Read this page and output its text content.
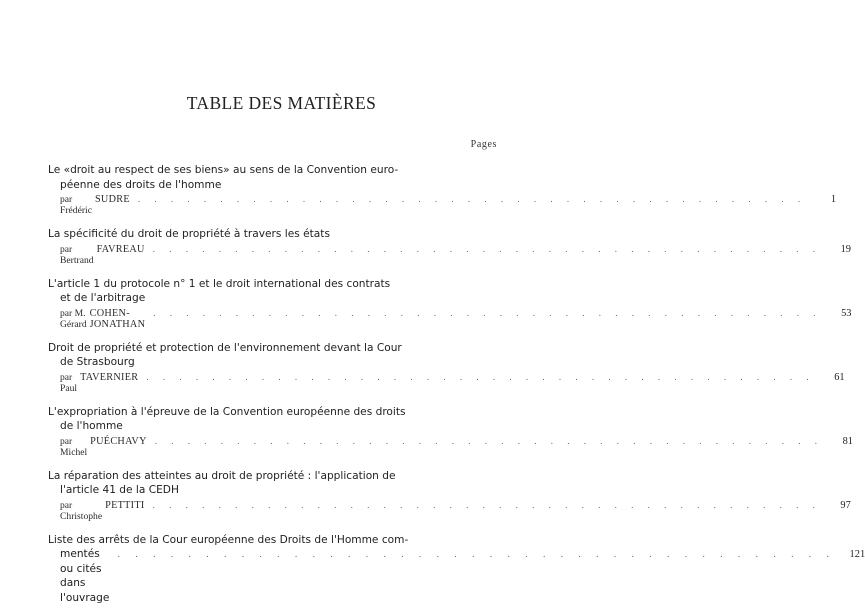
TABLE DES MATIÈRES
Pages
Le «droit au respect de ses biens» au sens de la Convention euro-
péenne des droits de l'homme
par Frédéric
SUDRE . . . . . . . . . . . . . . . . . . . . . . . . . . . . . . . . . . . . . . . . .	1
La spécificité du droit de propriété à travers les états
par Bertrand
FAVREAU . . . . . . . . . . . . . . . . . . . . . . . . . . . . . . . . . . . . . . . . .	19
L'article 1 du protocole n° 1 et le droit international des contrats
et de l'arbitrage
par M. Gérard
COHEN-JONATHAN
. . . . . . . . . . . . . . . . . . . . . . . . . . . . . . . . . . . . . . . . .	53
Droit de propriété et protection de l'environnement devant la Cour
de Strasbourg
par Paul
TAVERNIER . . . . . . . . . . . . . . . . . . . . . . . . . . . . . . . . . . . . . . . . .	61
L'expropriation à l'épreuve de la Convention européenne des droits
de l'homme
par Michel
PUÉCHAVY . . . . . . . . . . . . . . . . . . . . . . . . . . . . . . . . . . . . . . . . .	81
La réparation des atteintes au droit de propriété : l'application de
l'article 41 de la CEDH
par Christophe
PETTITI . . . . . . . . . . . . . . . . . . . . . . . . . . . . . . . . . . . . . . . . .	97
Liste des arrêts de la Cour européenne des Droits de l'Homme com-
mentés ou cités dans l'ouvrage
. . . . . . . . . . . . . . . . . . . . . . . . . . . . . . . . . . . . . . . . .	121
